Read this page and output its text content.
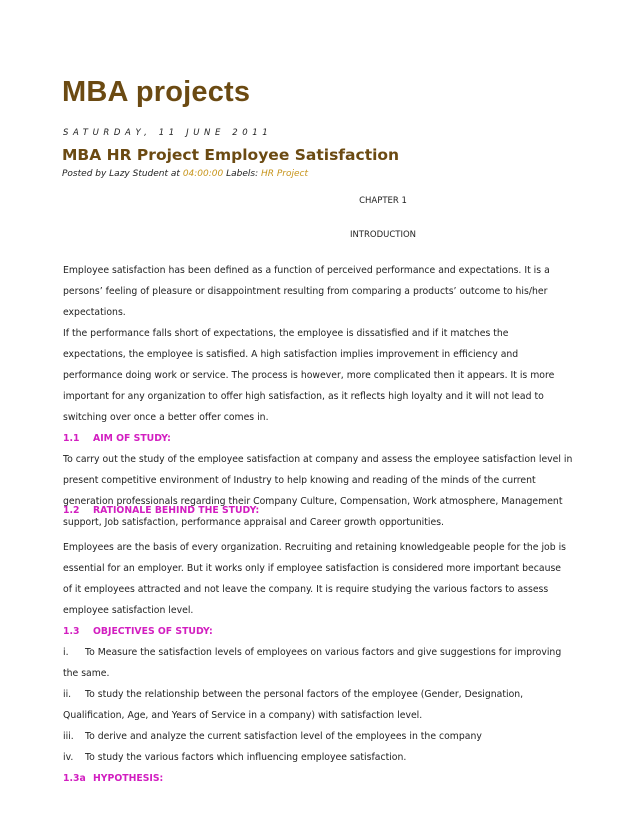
MBA projects
SATURDAY, 11 JUNE 2011
MBA HR Project Employee Satisfaction
Posted by Lazy Student at 04:00:00 Labels: HR Project
CHAPTER 1
INTRODUCTION

Employee satisfaction has been defined as a function of perceived performance and expectations. It is a

persons’ feeling of pleasure or disappointment resulting from comparing a products’ outcome to his/her

expectations.

If the performance falls short of expectations, the employee is dissatisfied and if it matches the

expectations, the employee is satisfied. A high satisfaction implies improvement in efficiency and

performance doing work or service. The process is however, more complicated then it appears. It is more

important for any organization to offer high satisfaction, as it reflects high loyalty and it will not lead to

switching over once a better offer comes in.

1.1 AIM OF STUDY:

To carry out the study of the employee satisfaction at company and assess the employee satisfaction level in

present competitive environment of Industry to help knowing and reading of the minds of the current

generation professionals regarding their Company Culture, Compensation, Work atmosphere, Management

support, Job satisfaction, performance appraisal and Career growth opportunities.

1.2 RATIONALE BEHIND THE STUDY:

Employees are the basis of every organization. Recruiting and retaining knowledgeable people for the job is

essential for an employer. But it works only if employee satisfaction is considered more important because

of it employees attracted and not leave the company. It is require studying the various factors to assess

employee satisfaction level.

1.3 OBJECTIVES OF STUDY:

i. To Measure the satisfaction levels of employees on various factors and give suggestions for improving

the same.

ii. To study the relationship between the personal factors of the employee (Gender, Designation,

Qualification, Age, and Years of Service in a company) with satisfaction level.

iii. To derive and analyze the current satisfaction level of the employees in the company

iv. To study the various factors which influencing employee satisfaction.

1.3a HYPOTHESIS:
